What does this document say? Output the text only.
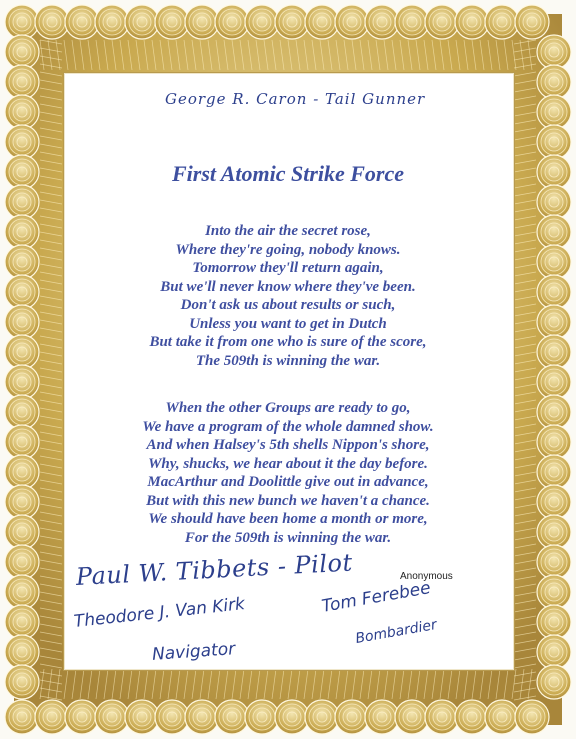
George R. Caron - Tail Gunner
First Atomic Strike Force
Into the air the secret rose,
Where they're going, nobody knows.
Tomorrow they'll return again,
But we'll never know where they've been.
Don't ask us about results or such,
Unless you want to get in Dutch
But take it from one who is sure of the score,
The 509th is winning the war.
When the other Groups are ready to go,
We have a program of the whole damned show.
And when Halsey's 5th shells Nippon's shore,
Why, shucks, we hear about it the day before.
MacArthur and Doolittle give out in advance,
But with this new bunch we haven't a chance.
We should have been home a month or more,
For the 509th is winning the war.
Anonymous
Paul W. Tibbets - Pilot
Theodore J. Van Kirk
Navigator
Tom Ferebee
Bombardier
